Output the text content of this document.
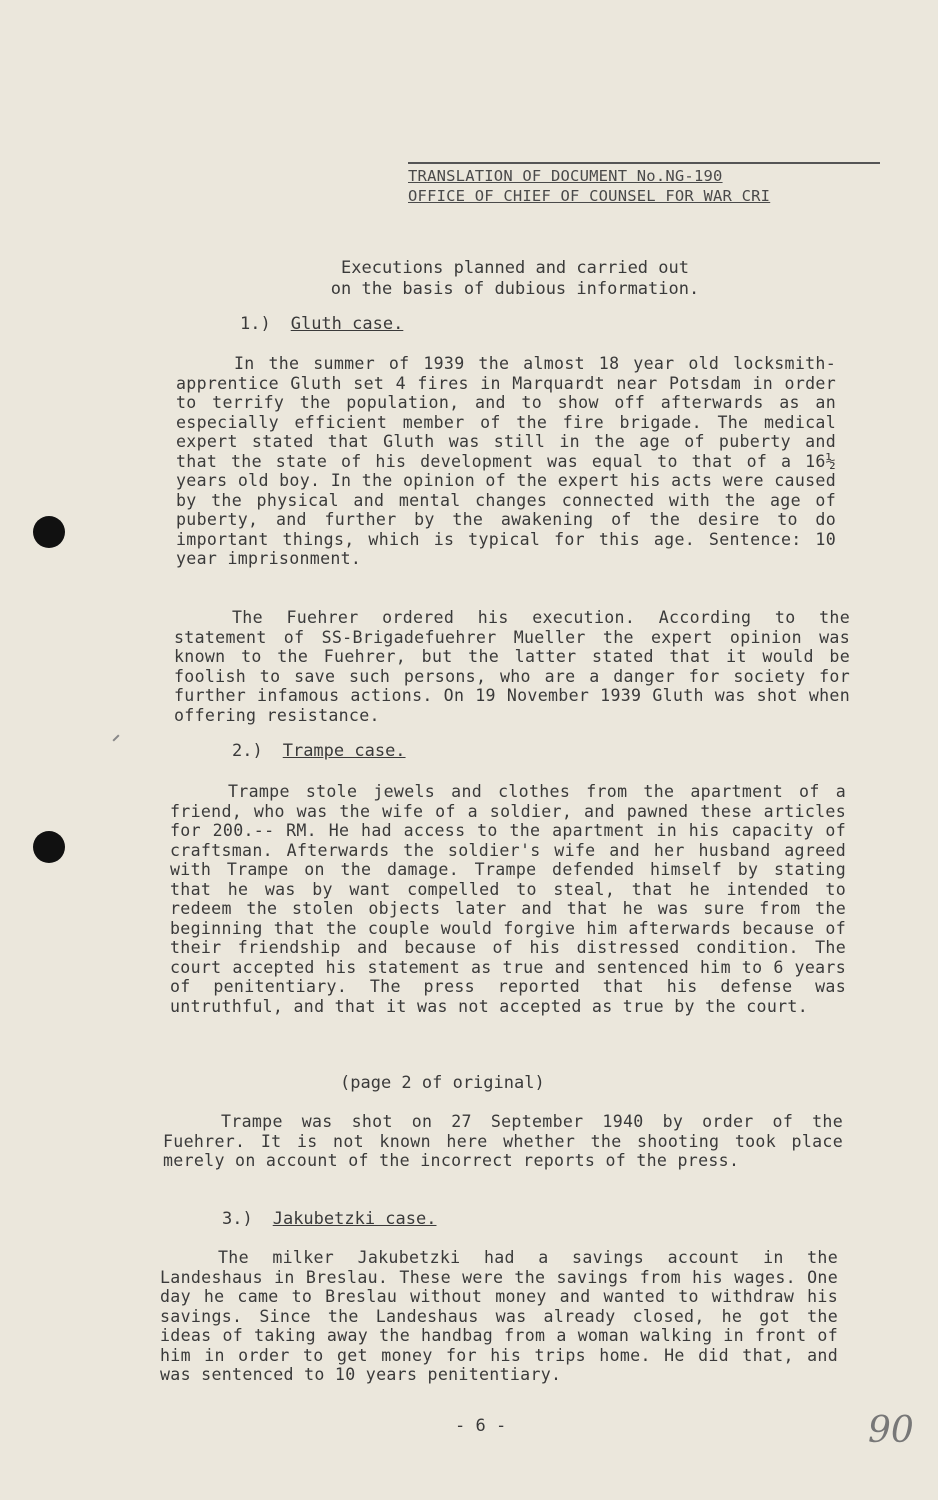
TRANSLATION OF DOCUMENT No.NG-190
OFFICE OF CHIEF OF COUNSEL FOR WAR CRI
Executions planned and carried out
on the basis of dubious information.
1.) Gluth case.
In the summer of 1939 the almost 18 year old locksmith-apprentice Gluth set 4 fires in Marquardt near Potsdam in order to terrify the population, and to show off afterwards as an especially efficient member of the fire brigade. The medical expert stated that Gluth was still in the age of puberty and that the state of his development was equal to that of a 16½ years old boy. In the opinion of the expert his acts were caused by the physical and mental changes connected with the age of puberty, and further by the awakening of the desire to do important things, which is typical for this age. Sentence: 10 year imprisonment.
The Fuehrer ordered his execution. According to the statement of SS-Brigadefuehrer Mueller the expert opinion was known to the Fuehrer, but the latter stated that it would be foolish to save such persons, who are a danger for society for further infamous actions. On 19 November 1939 Gluth was shot when offering resistance.
2.) Trampe case.
Trampe stole jewels and clothes from the apartment of a friend, who was the wife of a soldier, and pawned these articles for 200.-- RM. He had access to the apartment in his capacity of craftsman. Afterwards the soldier's wife and her husband agreed with Trampe on the damage. Trampe defended himself by stating that he was by want compelled to steal, that he intended to redeem the stolen objects later and that he was sure from the beginning that the couple would forgive him afterwards because of their friendship and because of his distressed condition. The court accepted his statement as true and sentenced him to 6 years of penitentiary. The press reported that his defense was untruthful, and that it was not accepted as true by the court.
(page 2 of original)
Trampe was shot on 27 September 1940 by order of the Fuehrer. It is not known here whether the shooting took place merely on account of the incorrect reports of the press.
3.) Jakubetzki case.
The milker Jakubetzki had a savings account in the Landeshaus in Breslau. These were the savings from his wages. One day he came to Breslau without money and wanted to withdraw his savings. Since the Landeshaus was already closed, he got the ideas of taking away the handbag from a woman walking in front of him in order to get money for his trips home. He did that, and was sentenced to 10 years penitentiary.
- 6 -	90
